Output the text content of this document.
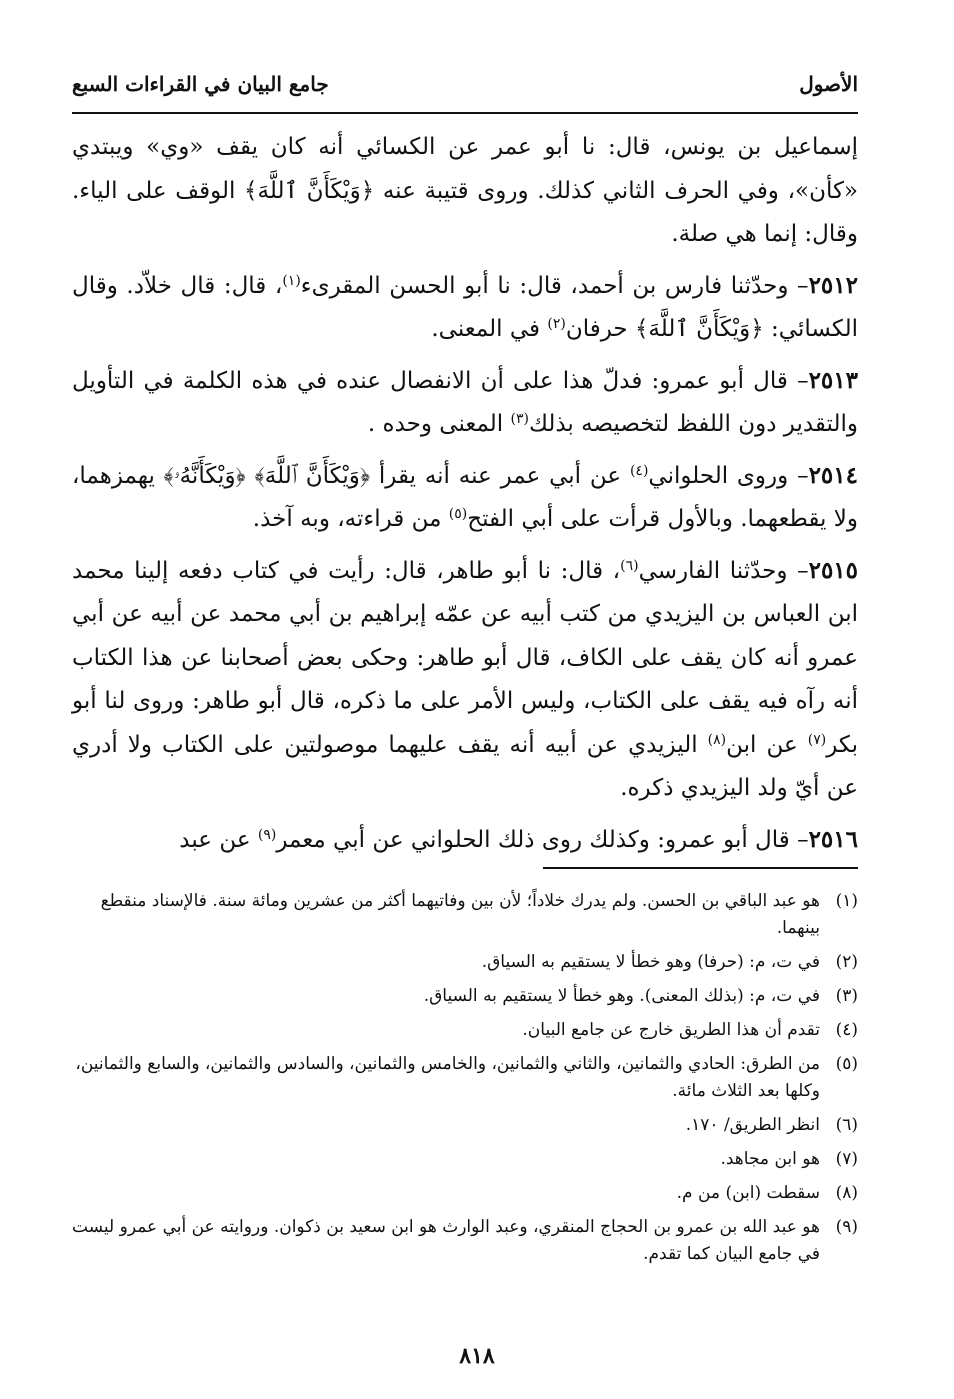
الأصول
جامع البيان في القراءات السبع

إسماعيل بن يونس، قال: نا أبو عمر عن الكسائي أنه كان يقف «وي» ويبتدي «كأن»، وفي الحرف الثاني كذلك. وروى قتيبة عنه ﴿وَيْكَأَنَّ ٱللَّهَ﴾ الوقف على الياء. وقال: إنما هي صلة.

٢٥١٢– وحدّثنا فارس بن أحمد، قال: نا أبو الحسن المقرىء$^{(١)}$، قال: قال خلاّد. وقال الكسائي: ﴿وَيْكَأَنَّ ٱللَّهَ﴾ حرفان$^{(٢)}$ في المعنى.

٢٥١٣– قال أبو عمرو: فدلّ هذا على أن الانفصال عنده في هذه الكلمة في التأويل والتقدير دون اللفظ لتخصيصه بذلك$^{(٣)}$ المعنى وحده .

٢٥١٤– وروى الحلواني$^{(٤)}$ عن أبي عمر عنه أنه يقرأ ﴿وَيْكَأَنَّ ٱللَّهَ﴾ ﴿وَيْكَأَنَّهُۥ﴾ يهمزهما، ولا يقطعهما. وبالأول قرأت على أبي الفتح$^{(٥)}$ من قراءته، وبه آخذ.

٢٥١٥– وحدّثنا الفارسي$^{(٦)}$، قال: نا أبو طاهر، قال: رأيت في كتاب دفعه إلينا محمد ابن العباس بن اليزيدي من كتب أبيه عن عمّه إبراهيم بن أبي محمد عن أبيه عن أبي عمرو أنه كان يقف على الكاف، قال أبو طاهر: وحكى بعض أصحابنا عن هذا الكتاب أنه رآه فيه يقف على الكتاب، وليس الأمر على ما ذكره، قال أبو طاهر: وروى لنا أبو بكر$^{(٧)}$ عن ابن$^{(٨)}$ اليزيدي عن أبيه أنه يقف عليهما موصولتين على الكتاب ولا أدري عن أيّ ولد اليزيدي ذكره.

٢٥١٦– قال أبو عمرو: وكذلك روى ذلك الحلواني عن أبي معمر$^{(٩)}$ عن عبد

(١)
هو عبد الباقي بن الحسن. ولم يدرك خلاداً؛ لأن بين وفاتيهما أكثر من عشرين ومائة سنة. فالإسناد منقطع بينهما.
(٢)
في ت، م: (حرفا) وهو خطأ لا يستقيم به السياق.
(٣)
في ت، م: (بذلك المعنى). وهو خطأ لا يستقيم به السياق.
(٤)
تقدم أن هذا الطريق خارج عن جامع البيان.
(٥)
من الطرق: الحادي والثمانين، والثاني والثمانين، والخامس والثمانين، والسادس والثمانين، والسابع والثمانين، وكلها بعد الثلاث مائة.
(٦)
انظر الطريق/ ١٧٠.
(٧)
هو ابن مجاهد.
(٨)
سقطت (ابن) من م.
(٩)
هو عبد الله بن عمرو بن الحجاج المنقري، وعبد الوارث هو ابن سعيد بن ذكوان. وروايته عن أبي عمرو ليست في جامع البيان كما تقدم.
٨١٨
